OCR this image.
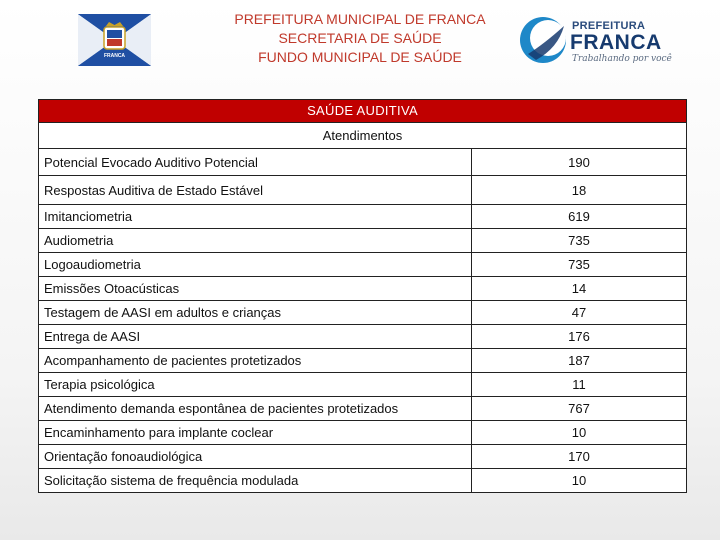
FRANCA
PREFEITURA MUNICIPAL DE FRANCA
SECRETARIA DE SAÚDE
FUNDO MUNICIPAL DE SAÚDE
PREFEITURA
FRANCA
Trabalhando por você
SAÚDE AUDITIVA
Atendimentos
Potencial Evocado Auditivo Potencial	190
Respostas Auditiva de Estado Estável	18
Imitanciometria	619
Audiometria	735
Logoaudiometria	735
Emissões Otoacústicas	14
Testagem de AASI em adultos e crianças	47
Entrega de AASI	176
Acompanhamento de pacientes protetizados	187
Terapia psicológica	11
Atendimento demanda espontânea de pacientes protetizados	767
Encaminhamento para implante coclear	10
Orientação fonoaudiológica	170
Solicitação sistema de frequência modulada	10
